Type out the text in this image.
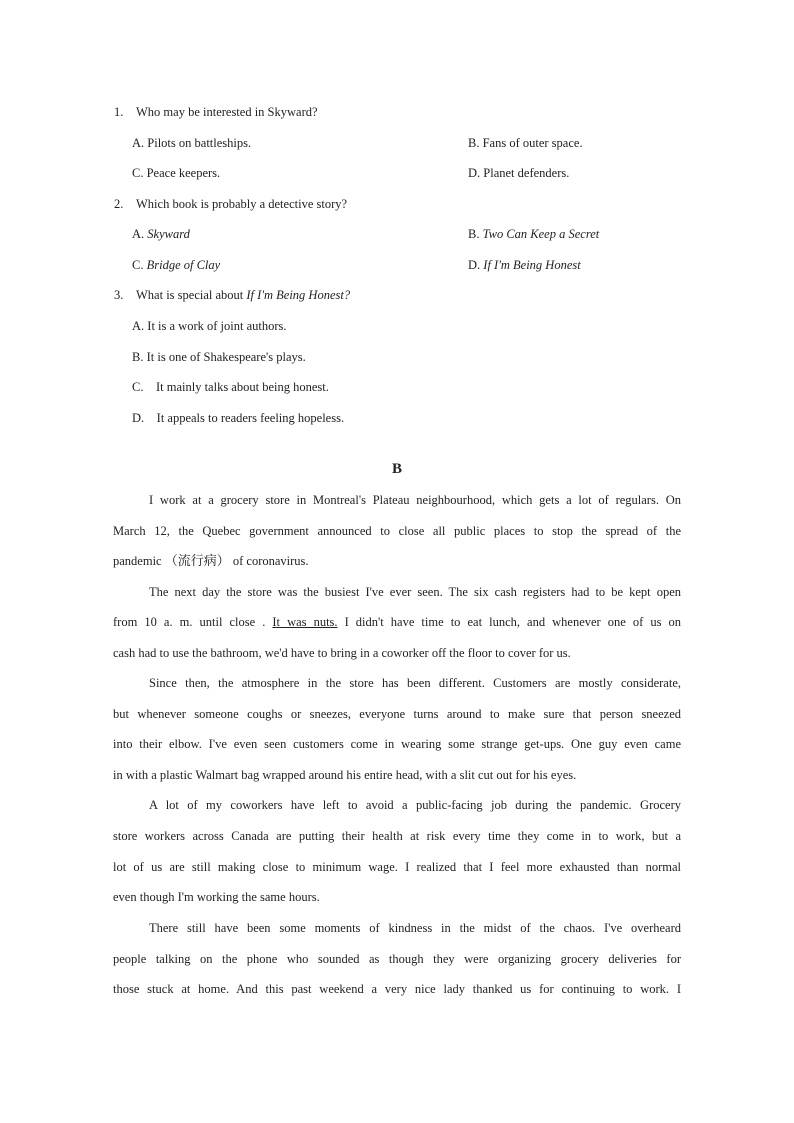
1. Who may be interested in Skyward?
A. Pilots on battleships.	B. Fans of outer space.
C. Peace keepers.	D. Planet defenders.
2. Which book is probably a detective story?
A. Skyward	B. Two Can Keep a Secret
C. Bridge of Clay	D. If I'm Being Honest
3. What is special about If I'm Being Honest?
A. It is a work of joint authors.
B. It is one of Shakespeare's plays.
C. It mainly talks about being honest.
D. It appeals to readers feeling hopeless.
B
I work at a grocery store in Montreal's Plateau neighbourhood, which gets a lot of regulars. On
March 12, the Quebec government announced to close all public places to stop the spread of the
pandemic （流行病） of coronavirus.
The next day the store was the busiest I've ever seen. The six cash registers had to be kept open
from 10 a. m. until close . It was nuts. I didn't have time to eat lunch, and whenever one of us on
cash had to use the bathroom, we'd have to bring in a coworker off the floor to cover for us.
Since then, the atmosphere in the store has been different. Customers are mostly considerate,
but whenever someone coughs or sneezes, everyone turns around to make sure that person sneezed
into their elbow. I've even seen customers come in wearing some strange get-ups. One guy even came
in with a plastic Walmart bag wrapped around his entire head, with a slit cut out for his eyes.
A lot of my coworkers have left to avoid a public-facing job during the pandemic. Grocery
store workers across Canada are putting their health at risk every time they come in to work, but a
lot of us are still making close to minimum wage. I realized that I feel more exhausted than normal
even though I'm working the same hours.
There still have been some moments of kindness in the midst of the chaos. I've overheard
people talking on the phone who sounded as though they were organizing grocery deliveries for
those stuck at home. And this past weekend a very nice lady thanked us for continuing to work. I
